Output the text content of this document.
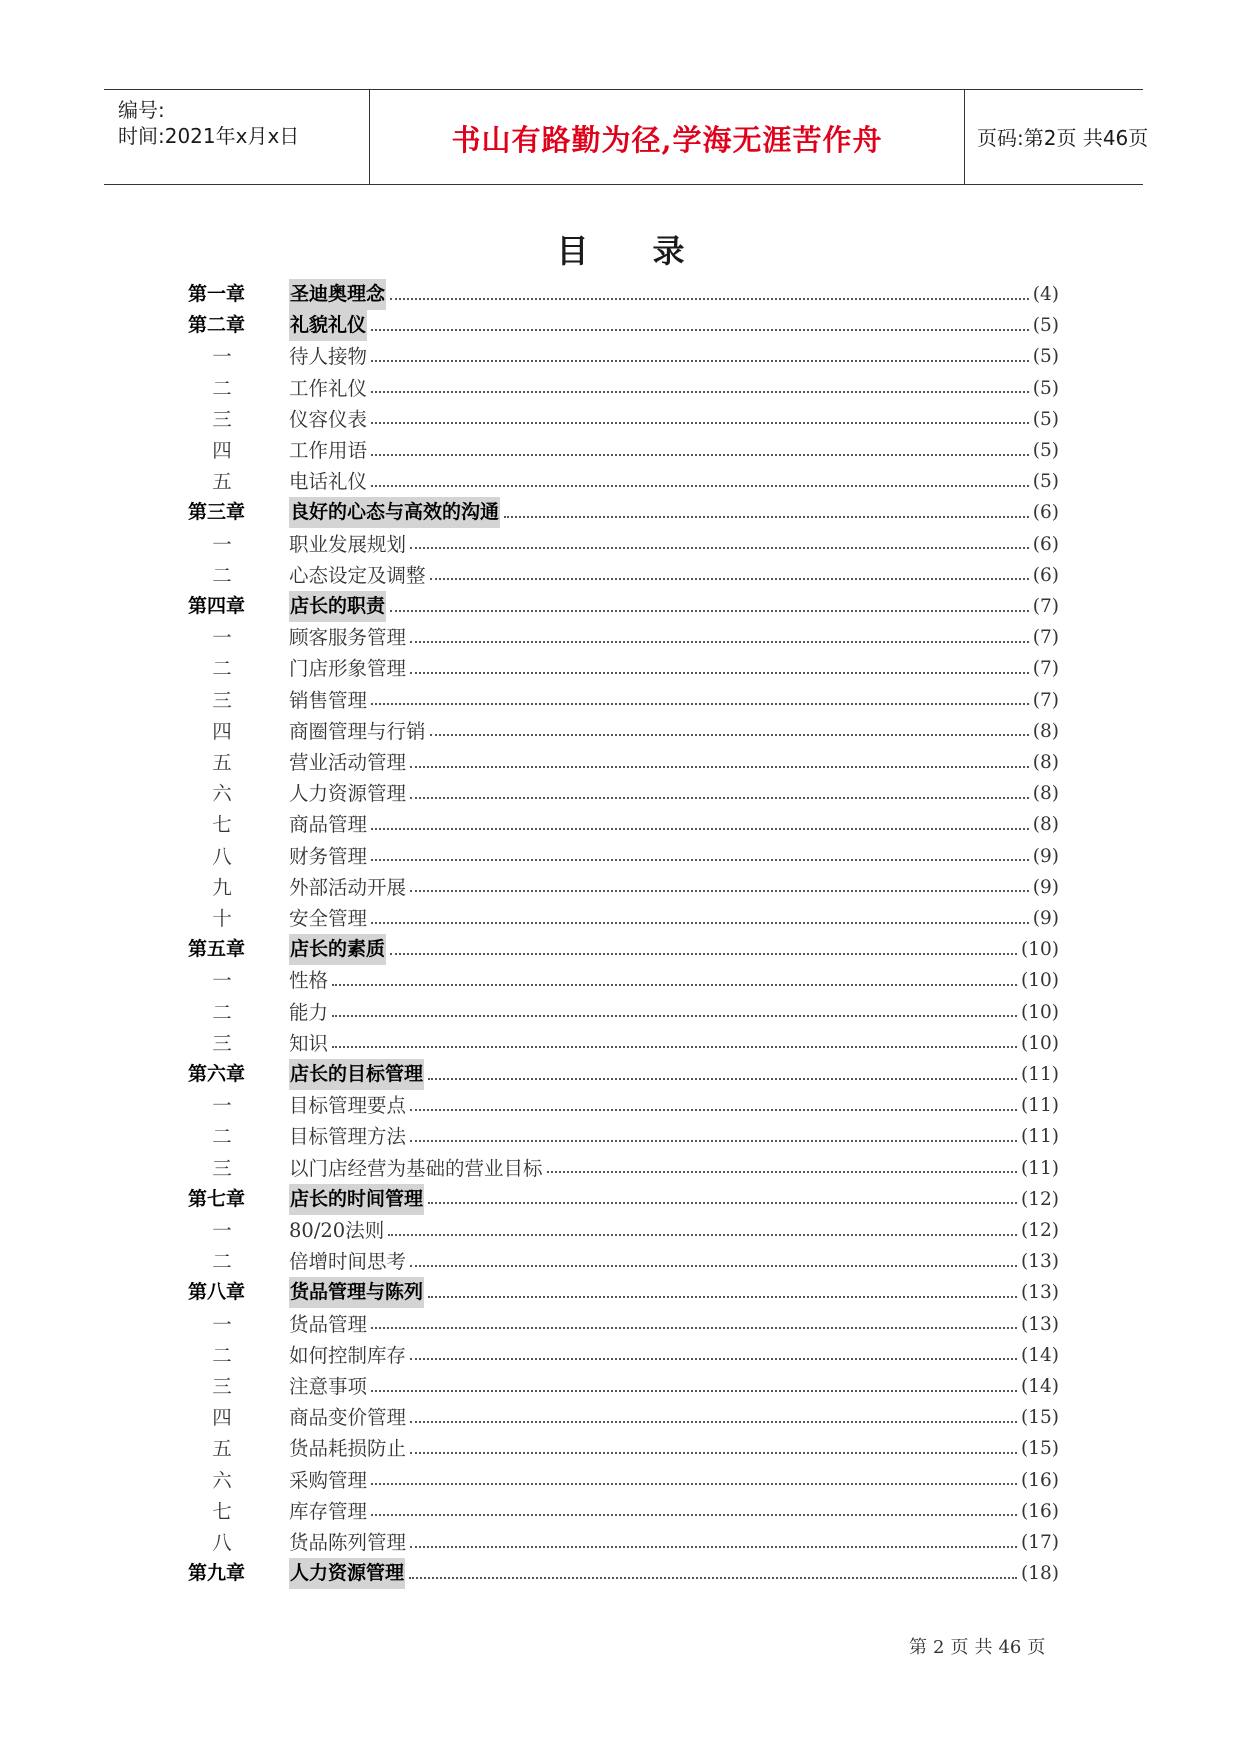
编号:
时间:2021年x月x日	书山有路勤为径,学海无涯苦作舟	页码:第2页 共46页
目 录
第一章 圣迪奥理念	(4)
第二章 礼貌礼仪	(5)
一	待人接物	(5)
二	工作礼仪	(5)
三	仪容仪表	(5)
四	工作用语	(5)
五	电话礼仪	(5)
第三章 良好的心态与高效的沟通	(6)
一	职业发展规划	(6)
二	心态设定及调整	(6)
第四章 店长的职责	(7)
一	顾客服务管理	(7)
二	门店形象管理	(7)
三	销售管理	(7)
四	商圈管理与行销	(8)
五	营业活动管理	(8)
六	人力资源管理	(8)
七	商品管理	(8)
八	财务管理	(9)
九	外部活动开展	(9)
十	安全管理	(9)
第五章 店长的素质	(10)
一	性格	(10)
二	能力	(10)
三	知识	(10)
第六章 店长的目标管理	(11)
一	目标管理要点	(11)
二	目标管理方法	(11)
三	以门店经营为基础的营业目标	(11)
第七章 店长的时间管理	(12)
一	80/20法则	(12)
二	倍增时间思考	(13)
第八章 货品管理与陈列	(13)
一	货品管理	(13)
二	如何控制库存	(14)
三	注意事项	(14)
四	商品变价管理	(15)
五	货品耗损防止	(15)
六	采购管理	(16)
七	库存管理	(16)
八	货品陈列管理	(17)
第九章 人力资源管理	(18)
第 2 页 共 46 页
